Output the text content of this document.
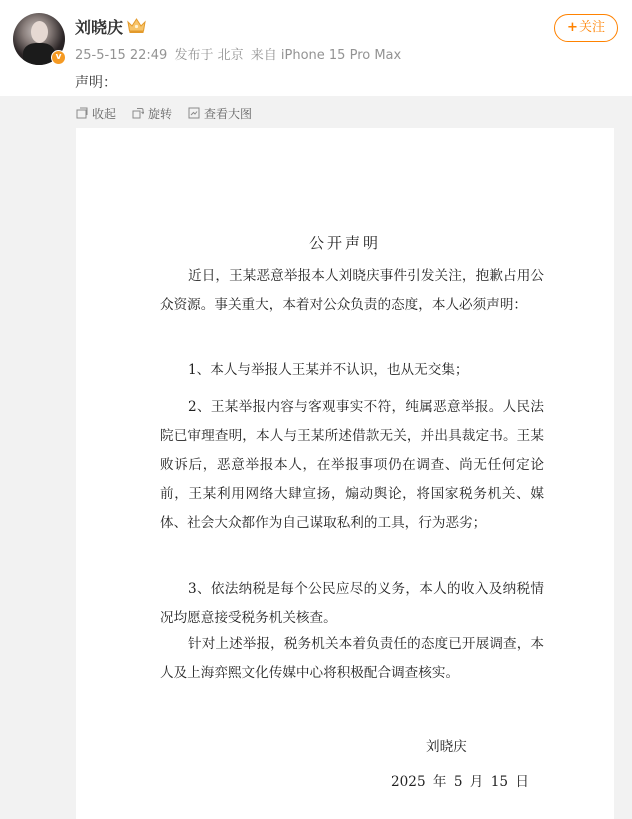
v
刘晓庆
25-5-15 22:49 发布于 北京 来自 iPhone 15 Pro Max
+关注
声明：
收起	旋转	查看大图
公开声明
近日，王某恶意举报本人刘晓庆事件引发关注，抱歉占用公众资源。事关重大，本着对公众负责的态度，本人必须声明：
1、本人与举报人王某并不认识，也从无交集；
2、王某举报内容与客观事实不符，纯属恶意举报。人民法院已审理查明，本人与王某所述借款无关，并出具裁定书。王某败诉后，恶意举报本人，在举报事项仍在调查、尚无任何定论前，王某利用网络大肆宣扬，煽动舆论，将国家税务机关、媒体、社会大众都作为自己谋取私利的工具，行为恶劣；
3、依法纳税是每个公民应尽的义务，本人的收入及纳税情况均愿意接受税务机关核查。
针对上述举报，税务机关本着负责任的态度已开展调查，本人及上海弈熙文化传媒中心将积极配合调查核实。
刘晓庆
2025 年 5 月 15 日
